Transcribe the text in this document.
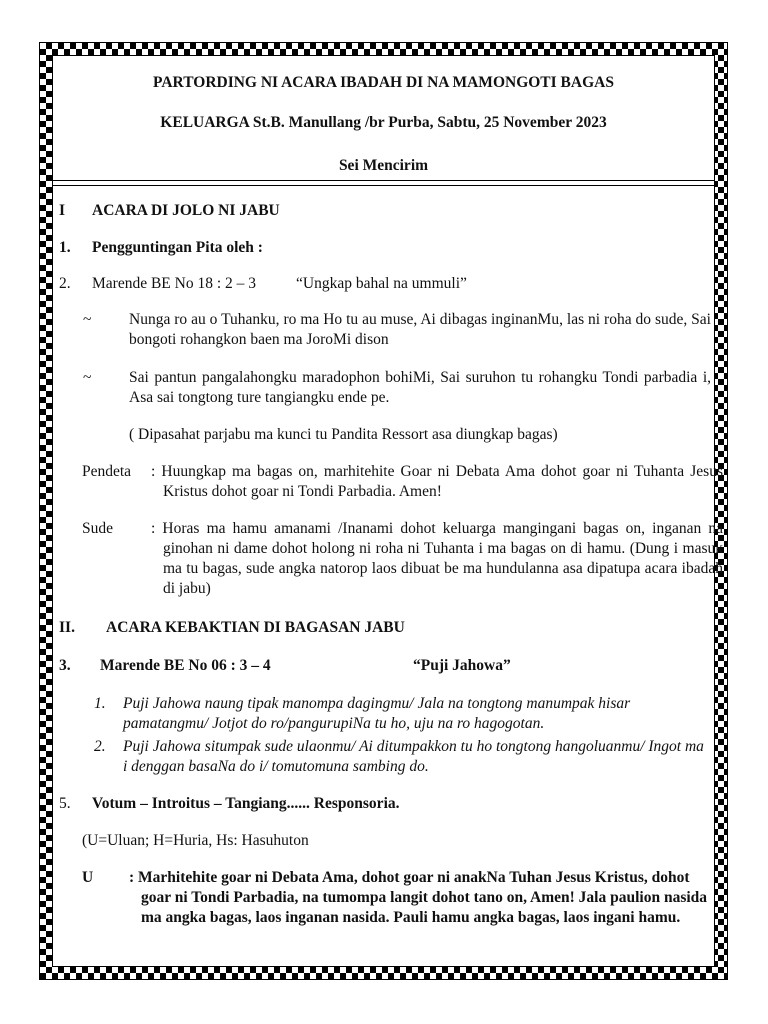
PARTORDING NI ACARA IBADAH DI NA MAMONGOTI BAGAS
KELUARGA St.B. Manullang /br Purba, Sabtu, 25 November 2023
Sei Mencirim
I ACARA DI JOLO NI JABU
1. Pengguntingan Pita oleh :
2. Marende BE No 18 : 2 – 3	“Ungkap bahal na ummuli”
~ Nunga ro au o Tuhanku, ro ma Ho tu au muse, Ai dibagas inginanMu, las ni roha do sude, Sai bongoti rohangkon baen ma JoroMi dison
~ Sai pantun pangalahongku maradophon bohiMi, Sai suruhon tu rohangku Tondi parbadia i, Asa sai tongtong ture tangiangku ende pe.
( Dipasahat parjabu ma kunci tu Pandita Ressort asa diungkap bagas)
Pendeta : Huungkap ma bagas on, marhitehite Goar ni Debata Ama dohot goar ni Tuhanta Jesus Kristus dohot goar ni Tondi Parbadia. Amen!
Sude : Horas ma hamu amanami /Inanami dohot keluarga mangingani bagas on, inganan na ginohan ni dame dohot holong ni roha ni Tuhanta i ma bagas on di hamu. (Dung i masuk ma tu bagas, sude angka natorop laos dibuat be ma hundulanna asa dipatupa acara ibadah di jabu)
II. ACARA KEBAKTIAN DI BAGASAN JABU
3. Marende BE No 06 : 3 – 4	“Puji Jahowa”
1. Puji Jahowa naung tipak manompa dagingmu/ Jala na tongtong manumpak hisar pamatangmu/ Jotjot do ro/pangurupiNa tu ho, uju na ro hagogotan.
2. Puji Jahowa situmpak sude ulaonmu/ Ai ditumpakkon tu ho tongtong hangoluanmu/ Ingot ma i denggan basaNa do i/ tomutomuna sambing do.
5. Votum – Introitus – Tangiang...... Responsoria.
(U=Uluan; H=Huria, Hs: Hasuhuton
U : Marhitehite goar ni Debata Ama, dohot goar ni anakNa Tuhan Jesus Kristus, dohot goar ni Tondi Parbadia, na tumompa langit dohot tano on, Amen! Jala paulion nasida ma angka bagas, laos inganan nasida. Pauli hamu angka bagas, laos ingani hamu.
